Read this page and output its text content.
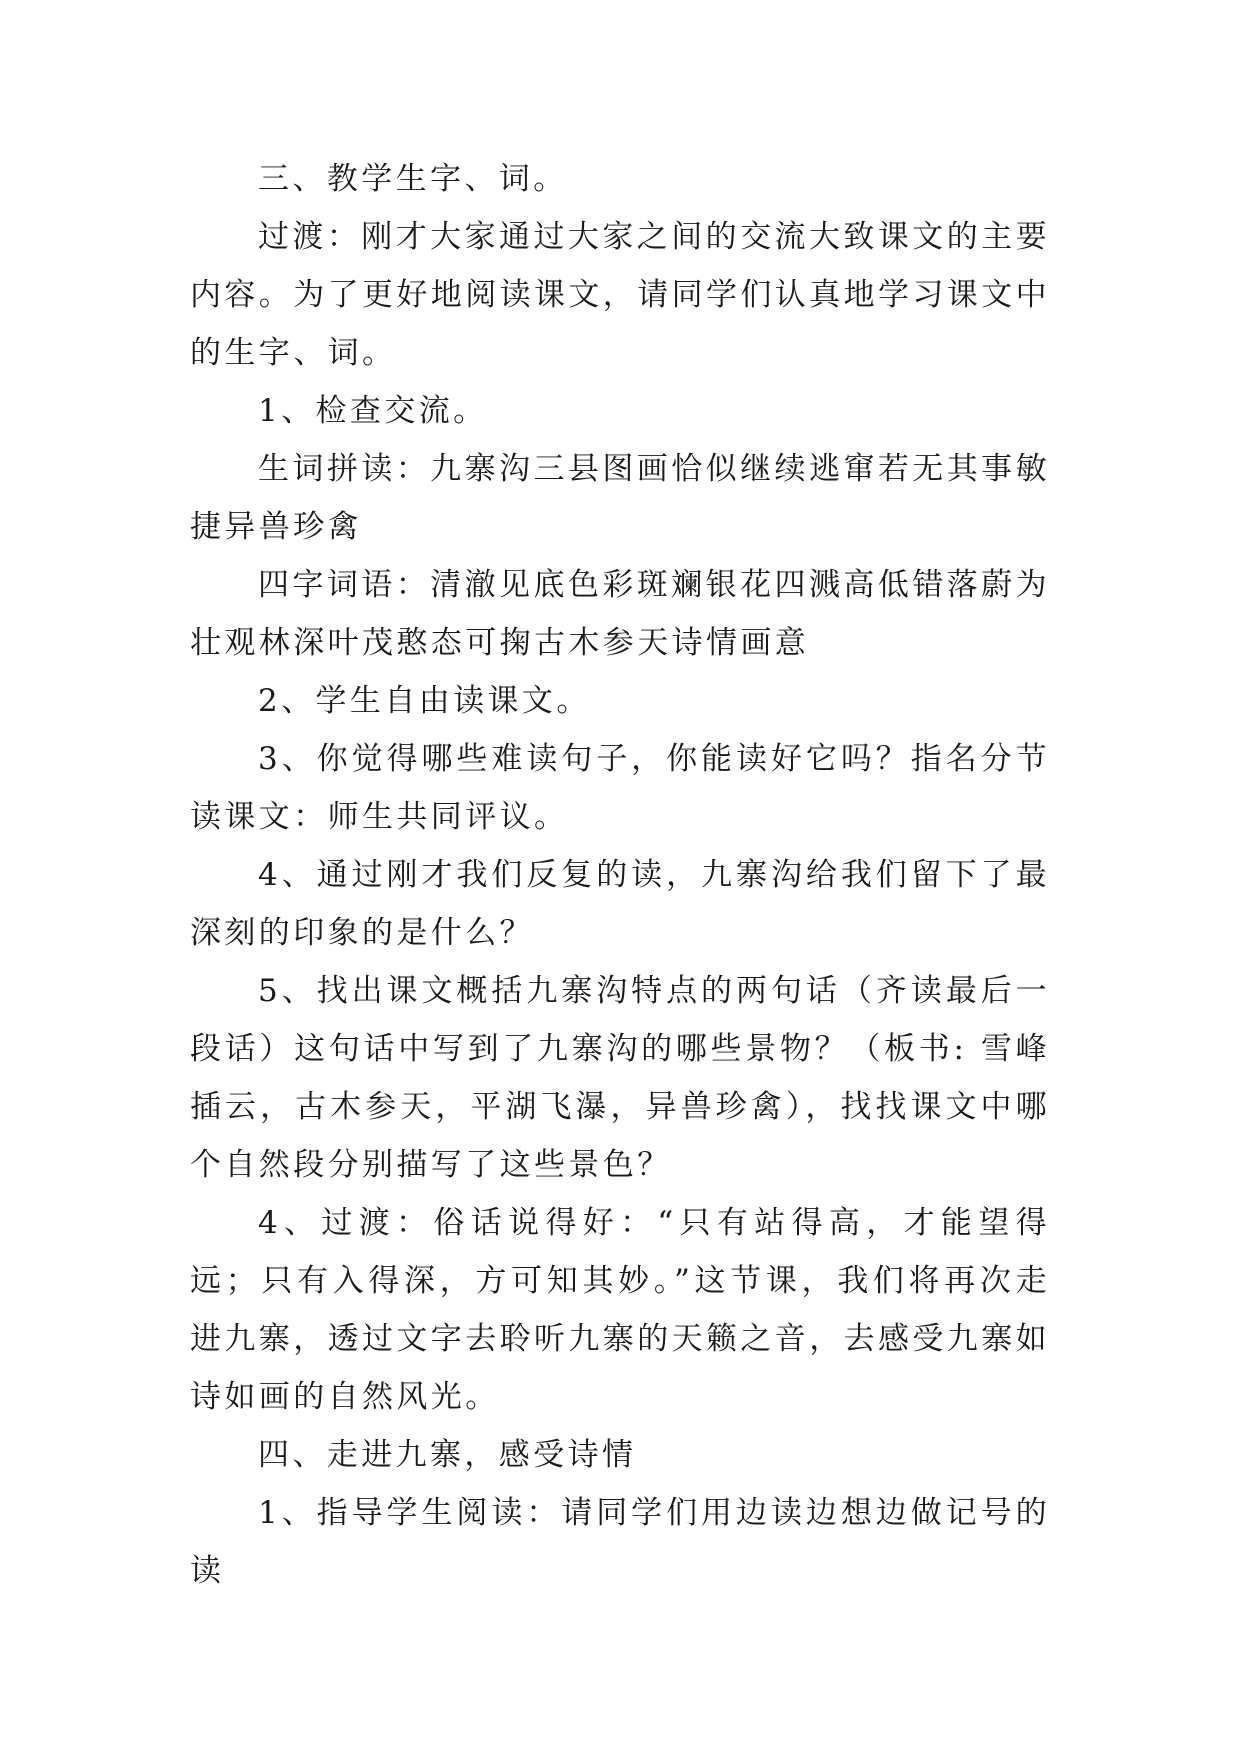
三、教学生字、词。

过渡：刚才大家通过大家之间的交流大致课文的主要内容。为了更好地阅读课文，请同学们认真地学习课文中的生字、词。

1、检查交流。

生词拼读：九寨沟三县图画恰似继续逃窜若无其事敏捷异兽珍禽

四字词语：清澈见底色彩斑斓银花四溅高低错落蔚为壮观林深叶茂憨态可掬古木参天诗情画意

2、学生自由读课文。

3、你觉得哪些难读句子，你能读好它吗？指名分节读课文：师生共同评议。

4、通过刚才我们反复的读，九寨沟给我们留下了最深刻的印象的是什么？

5、找出课文概括九寨沟特点的两句话（齐读最后一段话）这句话中写到了九寨沟的哪些景物？（板书: 雪峰插云，古木参天，平湖飞瀑，异兽珍禽），找找课文中哪个自然段分别描写了这些景色？

4、过渡：俗话说得好：“只有站得高，才能望得远；只有入得深，方可知其妙。”这节课，我们将再次走进九寨，透过文字去聆听九寨的天籁之音，去感受九寨如诗如画的自然风光。

四、走进九寨，感受诗情

1、指导学生阅读：请同学们用边读边想边做记号的读
